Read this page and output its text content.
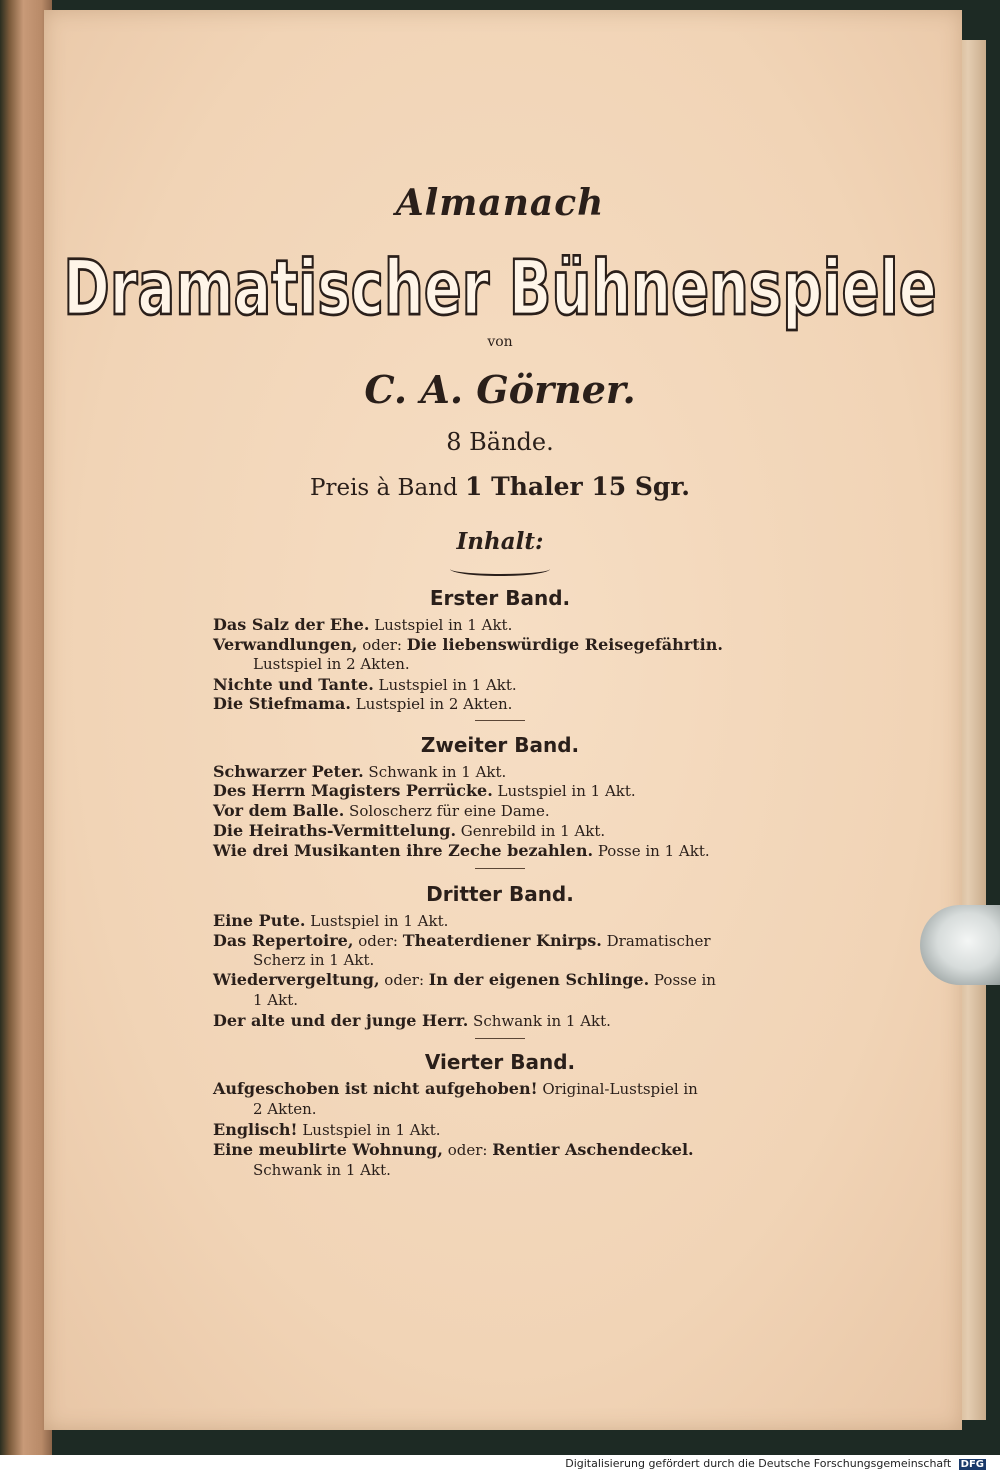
Almanach
Dramatischer Bühnenspiele
von
C. A. Görner.
8 Bände.
Preis à Band 1 Thaler 15 Sgr.
Inhalt:
Erster Band.
Das Salz der Ehe. Lustspiel in 1 Akt.
Verwandlungen, oder: Die liebenswürdige Reisegefährtin.
Lustspiel in 2 Akten.
Nichte und Tante. Lustspiel in 1 Akt.
Die Stiefmama. Lustspiel in 2 Akten.
Zweiter Band.
Schwarzer Peter. Schwank in 1 Akt.
Des Herrn Magisters Perrücke. Lustspiel in 1 Akt.
Vor dem Balle. Soloscherz für eine Dame.
Die Heiraths-Vermittelung. Genrebild in 1 Akt.
Wie drei Musikanten ihre Zeche bezahlen. Posse in 1 Akt.
Dritter Band.
Eine Pute. Lustspiel in 1 Akt.
Das Repertoire, oder: Theaterdiener Knirps. Dramatischer
Scherz in 1 Akt.
Wiedervergeltung, oder: In der eigenen Schlinge. Posse in
1 Akt.
Der alte und der junge Herr. Schwank in 1 Akt.
Vierter Band.
Aufgeschoben ist nicht aufgehoben! Original-Lustspiel in
2 Akten.
Englisch! Lustspiel in 1 Akt.
Eine meublirte Wohnung, oder: Rentier Aschendeckel.
Schwank in 1 Akt.
Digitalisierung gefördert durch die Deutsche Forschungsgemeinschaft DFG
